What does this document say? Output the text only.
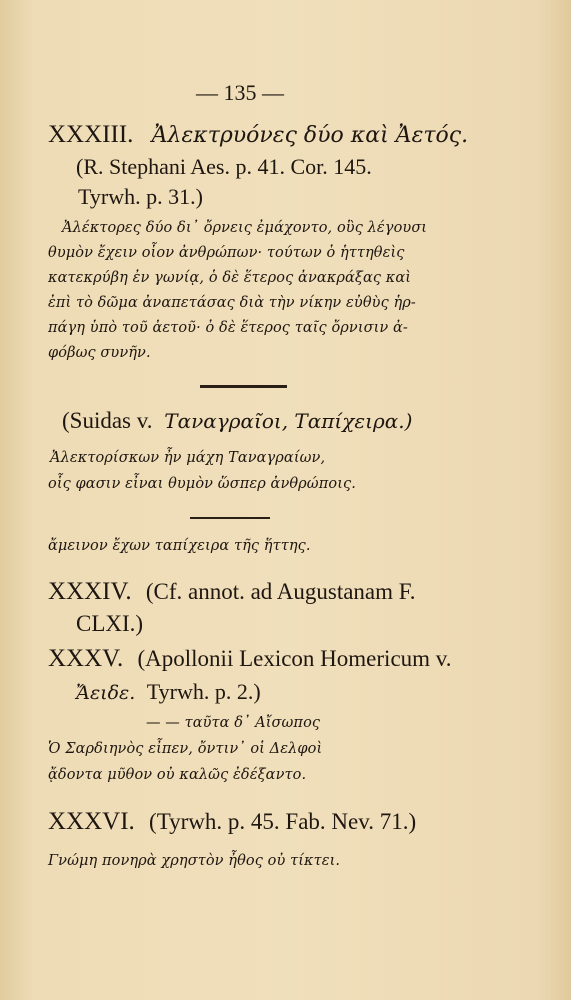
— 135 —
XXXIII. Ἀλεκτρυόνες δύο καὶ Ἀετός.
(R. Stephani Aes. p. 41. Cor. 145.
Tyrwh. p. 31.)
Ἀλέκτορες δύο δι᾽ ὄρνεις ἐμάχοντο, οὓς λέγουσι
θυμὸν ἔχειν οἷον ἀνθρώπων· τούτων ὁ ἡττηθεὶς
κατεκρύβη ἐν γωνίᾳ, ὁ δὲ ἕτερος ἀνακράξας καὶ
ἐπὶ τὸ δῶμα ἀναπετάσας διὰ τὴν νίκην εὐθὺς ἡρ-
πάγη ὑπὸ τοῦ ἀετοῦ· ὁ δὲ ἕτερος ταῖς ὄρνισιν ἀ-
φόβως συνῆν.
(Suidas v. Ταναγραῖοι, Ταπίχειρα.)
Ἀλεκτορίσκων ἦν μάχη Ταναγραίων,
οἷς φασιν εἶναι θυμὸν ὥσπερ ἀνθρώποις.
ἄμεινον ἔχων ταπίχειρα τῆς ἥττης.
XXXIV. (Cf. annot. ad Augustanam F.
CLXI.)
XXXV. (Apollonii Lexicon Homericum v.
Ἄειδε. Tyrwh. p. 2.)
— — ταῦτα δ᾽ Αἴσωπος
Ὁ Σαρδιηνὸς εἶπεν, ὄντιν᾽ οἱ Δελφοὶ
ᾄδοντα μῦθον οὐ καλῶς ἐδέξαντο.
XXXVI. (Tyrwh. p. 45. Fab. Nev. 71.)
Γνώμη πονηρὰ χρηστὸν ἦθος οὐ τίκτει.
